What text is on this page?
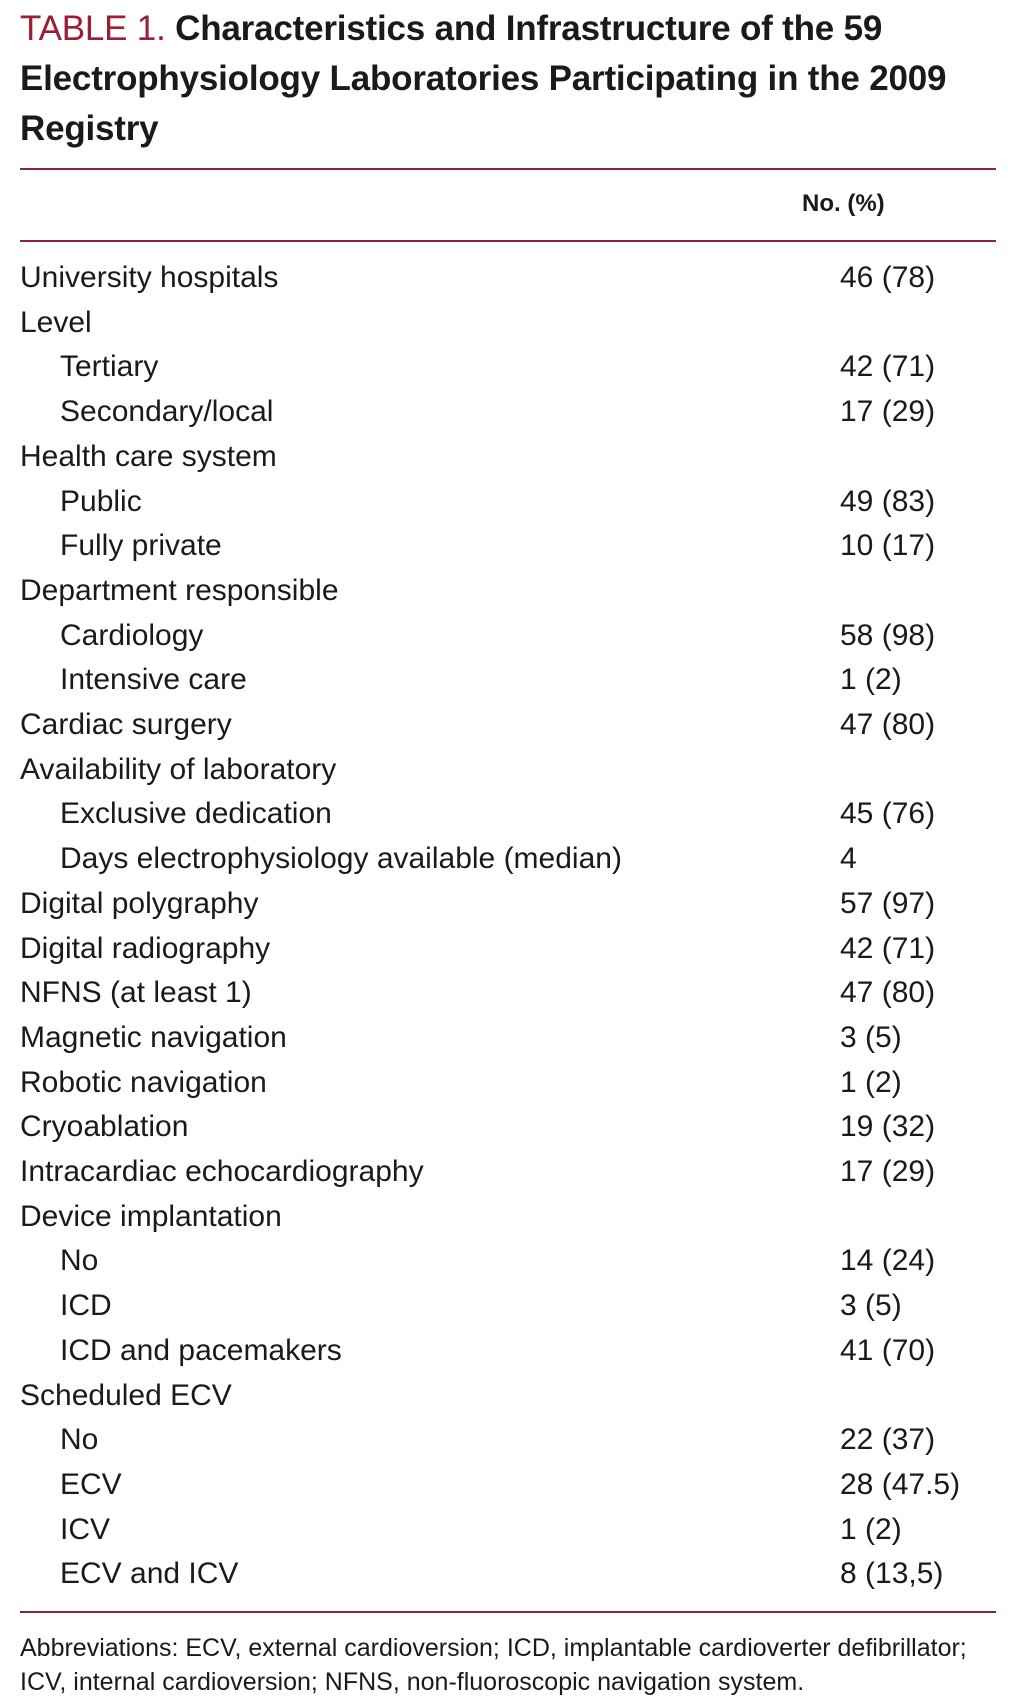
TABLE 1. Characteristics and Infrastructure of the 59 Electrophysiology Laboratories Participating in the 2009 Registry
No. (%)
University hospitals	46 (78)
Level	
Tertiary	42 (71)
Secondary/local	17 (29)
Health care system	
Public	49 (83)
Fully private	10 (17)
Department responsible	
Cardiology	58 (98)
Intensive care	1 (2)
Cardiac surgery	47 (80)
Availability of laboratory	
Exclusive dedication	45 (76)
Days electrophysiology available (median)	4
Digital polygraphy	57 (97)
Digital radiography	42 (71)
NFNS (at least 1)	47 (80)
Magnetic navigation	3 (5)
Robotic navigation	1 (2)
Cryoablation	19 (32)
Intracardiac echocardiography	17 (29)
Device implantation	
No	14 (24)
ICD	3 (5)
ICD and pacemakers	41 (70)
Scheduled ECV	
No	22 (37)
ECV	28 (47.5)
ICV	1 (2)
ECV and ICV	8 (13,5)
Abbreviations: ECV, external cardioversion; ICD, implantable cardioverter defibrillator; ICV, internal cardioversion; NFNS, non-fluoroscopic navigation system.
